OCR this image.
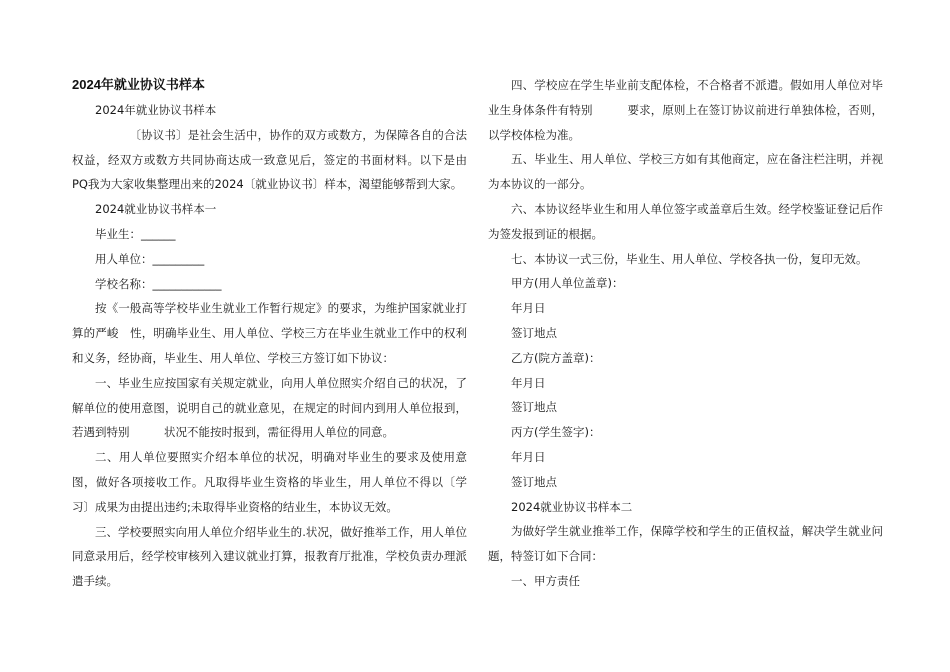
2024年就业协议书样本

2024年就业协议书样本

〔协议书〕是社会生活中，协作的双方或数方，为保障各自的合法权益，经双方或数方共同协商达成一致意见后，签定的书面材料。以下是由PQ我为大家收集整理出来的2024〔就业协议书〕样本，渴望能够帮到大家。

2024就业协议书样本一

毕业生：______

用人单位：_________

学校名称：____________

按《一般高等学校毕业生就业工作暂行规定》的要求，为维护国家就业打算的严峻　性，明确毕业生、用人单位、学校三方在毕业生就业工作中的权利和义务，经协商，毕业生、用人单位、学校三方签订如下协议：

一、毕业生应按国家有关规定就业，向用人单位照实介绍自己的状况，了解单位的使用意图，说明自己的就业意见，在规定的时间内到用人单位报到，若遇到特别　　　状况不能按时报到，需征得用人单位的同意。

二、用人单位要照实介绍本单位的状况，明确对毕业生的要求及使用意图，做好各项接收工作。凡取得毕业生资格的毕业生，用人单位不得以〔学习〕成果为由提出违约;未取得毕业资格的结业生，本协议无效。

三、学校要照实向用人单位介绍毕业生的.状况，做好推举工作，用人单位同意录用后，经学校审核列入建议就业打算，报教育厅批准，学校负责办理派遣手续。

四、学校应在学生毕业前支配体检，不合格者不派遣。假如用人单位对毕业生身体条件有特别　　　要求，原则上在签订协议前进行单独体检，否则，以学校体检为准。

五、毕业生、用人单位、学校三方如有其他商定，应在备注栏注明，并视为本协议的一部分。

六、本协议经毕业生和用人单位签字或盖章后生效。经学校鉴证登记后作为签发报到证的根据。

七、本协议一式三份，毕业生、用人单位、学校各执一份，复印无效。

甲方(用人单位盖章)：

年月日

签订地点

乙方(院方盖章)：

年月日

签订地点

丙方(学生签字)：

年月日

签订地点

2024就业协议书样本二

为做好学生就业推举工作，保障学校和学生的正值权益，解决学生就业问题，特签订如下合同：

一、甲方责任
